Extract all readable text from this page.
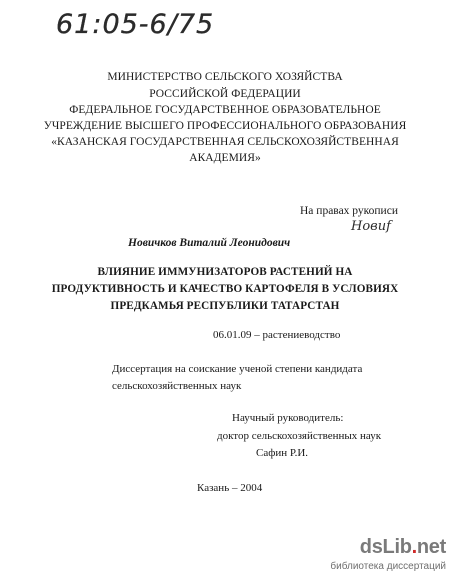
61:05-6/75
МИНИСТЕРСТВО СЕЛЬСКОГО ХОЗЯЙСТВА
РОССИЙСКОЙ ФЕДЕРАЦИИ
ФЕДЕРАЛЬНОЕ ГОСУДАРСТВЕННОЕ ОБРАЗОВАТЕЛЬНОЕ
УЧРЕЖДЕНИЕ ВЫСШЕГО ПРОФЕССИОНАЛЬНОГО ОБРАЗОВАНИЯ
«КАЗАНСКАЯ ГОСУДАРСТВЕННАЯ СЕЛЬСКОХОЗЯЙСТВЕННАЯ
АКАДЕМИЯ»
На правах рукописи
Новиf
Новичков Виталий Леонидович
ВЛИЯНИЕ ИММУНИЗАТОРОВ РАСТЕНИЙ НА
ПРОДУКТИВНОСТЬ И КАЧЕСТВО КАРТОФЕЛЯ В УСЛОВИЯХ
ПРЕДКАМЬЯ РЕСПУБЛИКИ ТАТАРСТАН
06.01.09 – растениеводство
Диссертация на соискание ученой степени кандидата
сельскохозяйственных наук
Научный руководитель:
доктор сельскохозяйственных наук
Сафин Р.И.
Казань – 2004
dsLib.net
библиотека диссертаций
